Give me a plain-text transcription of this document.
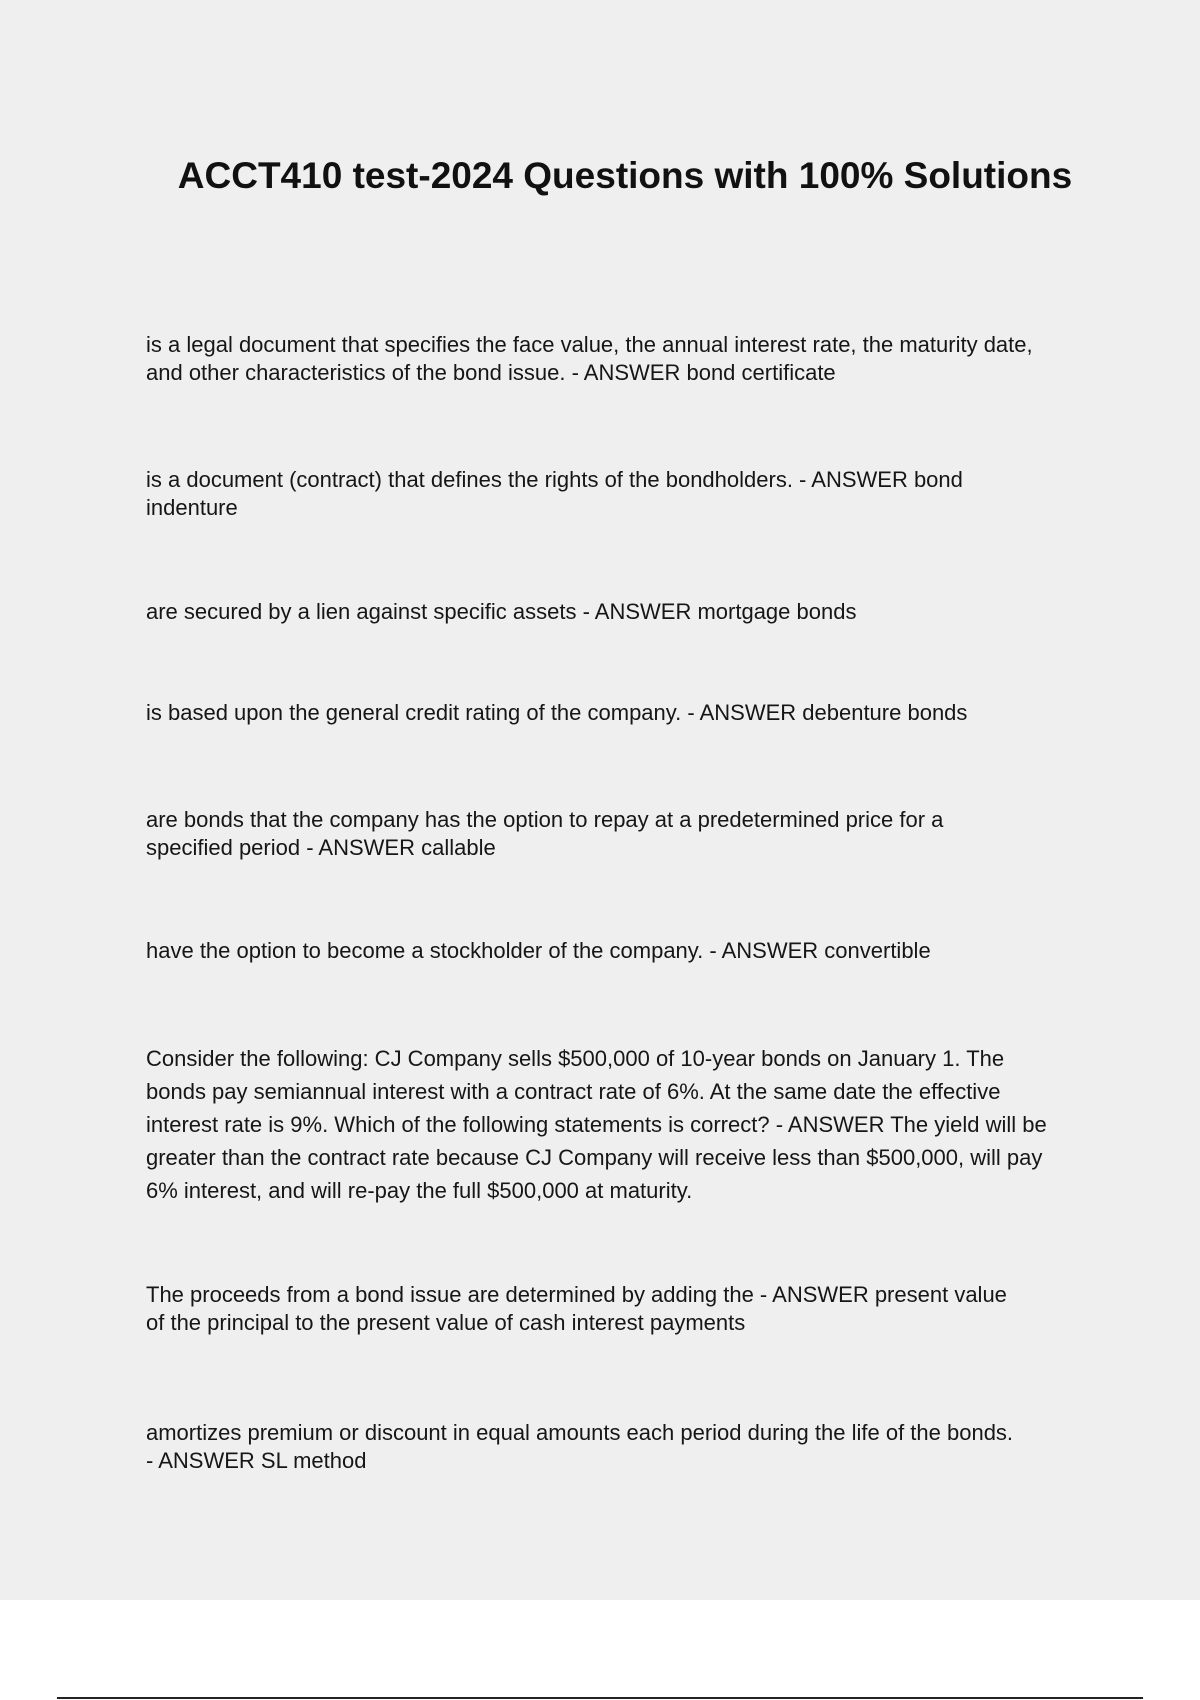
ACCT410 test-2024 Questions with 100% Solutions

is a legal document that specifies the face value, the annual interest rate, the maturity date, and other characteristics of the bond issue. - ANSWER bond certificate

is a document (contract) that defines the rights of the bondholders. - ANSWER bond indenture

are secured by a lien against specific assets - ANSWER mortgage bonds

is based upon the general credit rating of the company. - ANSWER debenture bonds

are bonds that the company has the option to repay at a predetermined price for a specified period - ANSWER callable

have the option to become a stockholder of the company. - ANSWER convertible

Consider the following: CJ Company sells $500,000 of 10-year bonds on January 1. The bonds pay semiannual interest with a contract rate of 6%. At the same date the effective interest rate is 9%. Which of the following statements is correct? - ANSWER The yield will be greater than the contract rate because CJ Company will receive less than $500,000, will pay 6% interest, and will re-pay the full $500,000 at maturity.

The proceeds from a bond issue are determined by adding the - ANSWER present value of the principal to the present value of cash interest payments

amortizes premium or discount in equal amounts each period during the life of the bonds. - ANSWER SL method
